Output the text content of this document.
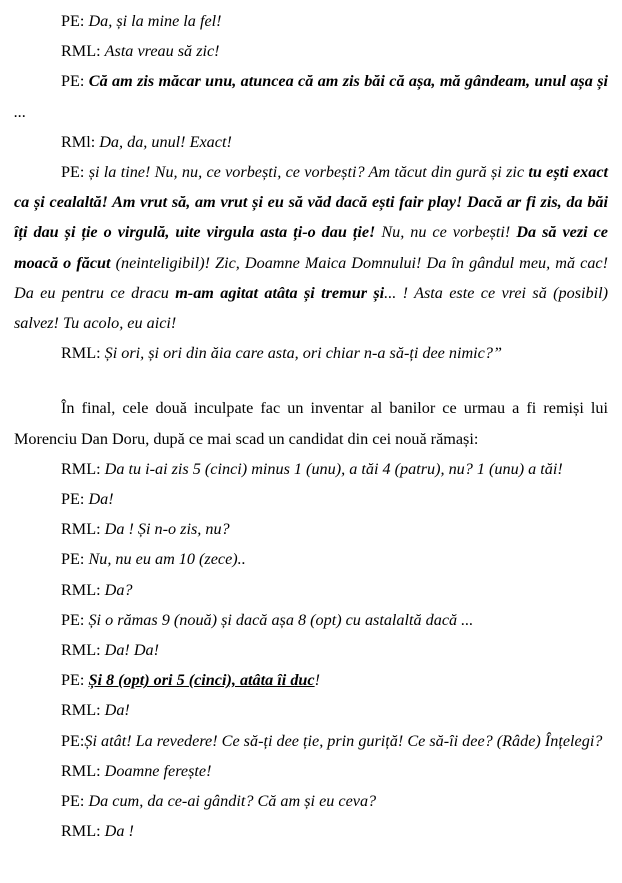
PE: Da, și la mine la fel!

RML: Asta vreau să zic!

PE: Că am zis măcar unu, atuncea că am zis băi că așa, mă gândeam, unul așa și ...

RMl: Da, da, unul! Exact!

PE: și la tine! Nu, nu, ce vorbești, ce vorbești? Am tăcut din gură și zic tu ești exact ca și cealaltă! Am vrut să, am vrut și eu să văd dacă ești fair play! Dacă ar fi zis, da băi îți dau și ție o virgulă, uite virgula asta ți-o dau ție! Nu, nu ce vorbești! Da să vezi ce moacă o făcut (neinteligibil)! Zic, Doamne Maica Domnului! Da în gândul meu, mă cac! Da eu pentru ce dracu m-am agitat atâta și tremur și... ! Asta este ce vrei să (posibil) salvez! Tu acolo, eu aici!

RML: Și ori, și ori din ăia care asta, ori chiar n-a să-ți dee nimic?”

În final, cele două inculpate fac un inventar al banilor ce urmau a fi remiși lui Morenciu Dan Doru, după ce mai scad un candidat din cei nouă rămași:

RML: Da tu i-ai zis 5 (cinci) minus 1 (unu), a tăi 4 (patru), nu? 1 (unu) a tăi!

PE: Da!

RML: Da ! Și n-o zis, nu?

PE: Nu, nu eu am 10 (zece)..

RML: Da?

PE: Și o rămas 9 (nouă) și dacă așa 8 (opt) cu astalaltă dacă ...

RML: Da! Da!

PE: Și 8 (opt) ori 5 (cinci), atâta îi duc!

RML: Da!

PE:Și atât! La revedere! Ce să-ți dee ție, prin guriță! Ce să-îi dee? (Râde) Înțelegi?

RML: Doamne ferește!

PE: Da cum, da ce-ai gândit? Că am și eu ceva?

RML: Da !
